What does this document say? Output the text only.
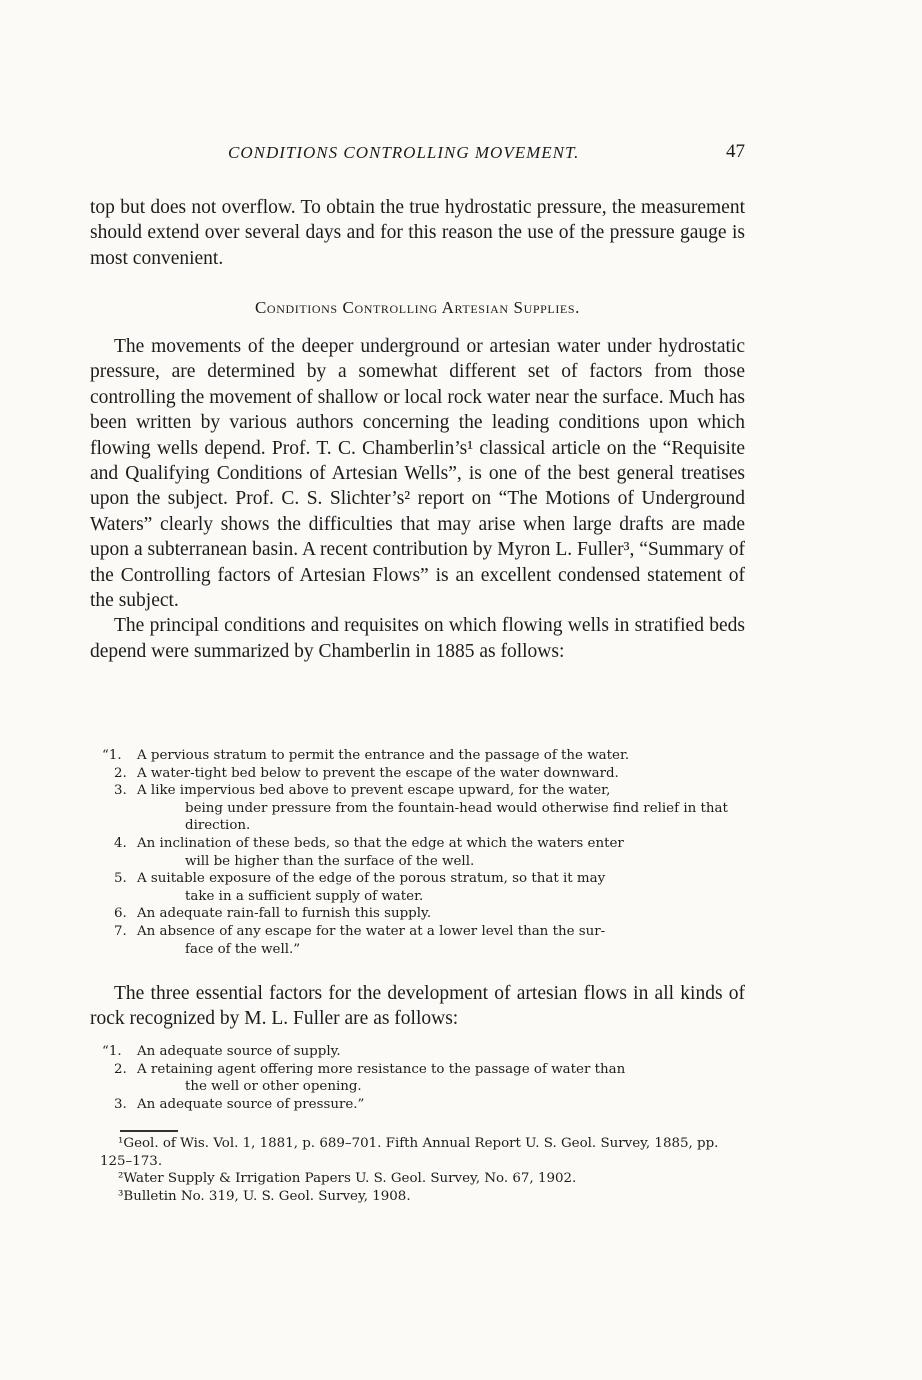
CONDITIONS CONTROLLING MOVEMENT.	47

top but does not overflow. To obtain the true hydrostatic pressure, the measurement should extend over several days and for this reason the use of the pressure gauge is most convenient.

Conditions Controlling Artesian Supplies.

The movements of the deeper underground or artesian water under hydrostatic pressure, are determined by a somewhat different set of factors from those controlling the movement of shallow or local rock water near the surface. Much has been written by various authors concerning the leading conditions upon which flowing wells depend. Prof. T. C. Chamberlin’s¹ classical article on the “Requisite and Qualifying Conditions of Artesian Wells”, is one of the best general treatises upon the subject. Prof. C. S. Slichter’s² report on “The Motions of Underground Waters” clearly shows the difficulties that may arise when large drafts are made upon a subterranean basin. A recent contribution by Myron L. Fuller³, “Summary of the Controlling factors of Artesian Flows” is an excellent condensed statement of the subject.

The principal conditions and requisites on which flowing wells in stratified beds depend were summarized by Chamberlin in 1885 as follows:

“1. A pervious stratum to permit the entrance and the passage of the water.
2. A water-tight bed below to prevent the escape of the water downward.
3. A like impervious bed above to prevent escape upward, for the water,
being under pressure from the fountain-head would otherwise find relief in that direction.
4. An inclination of these beds, so that the edge at which the waters enter
will be higher than the surface of the well.
5. A suitable exposure of the edge of the porous stratum, so that it may
take in a sufficient supply of water.
6. An adequate rain-fall to furnish this supply.
7. An absence of any escape for the water at a lower level than the sur-
face of the well.”

The three essential factors for the development of artesian flows in all kinds of rock recognized by M. L. Fuller are as follows:

“1. An adequate source of supply.
2. A retaining agent offering more resistance to the passage of water than
the well or other opening.
3. An adequate source of pressure.”
¹Geol. of Wis. Vol. 1, 1881, p. 689–701. Fifth Annual Report U. S. Geol. Survey, 1885, pp. 125–173.
²Water Supply & Irrigation Papers U. S. Geol. Survey, No. 67, 1902.
³Bulletin No. 319, U. S. Geol. Survey, 1908.
